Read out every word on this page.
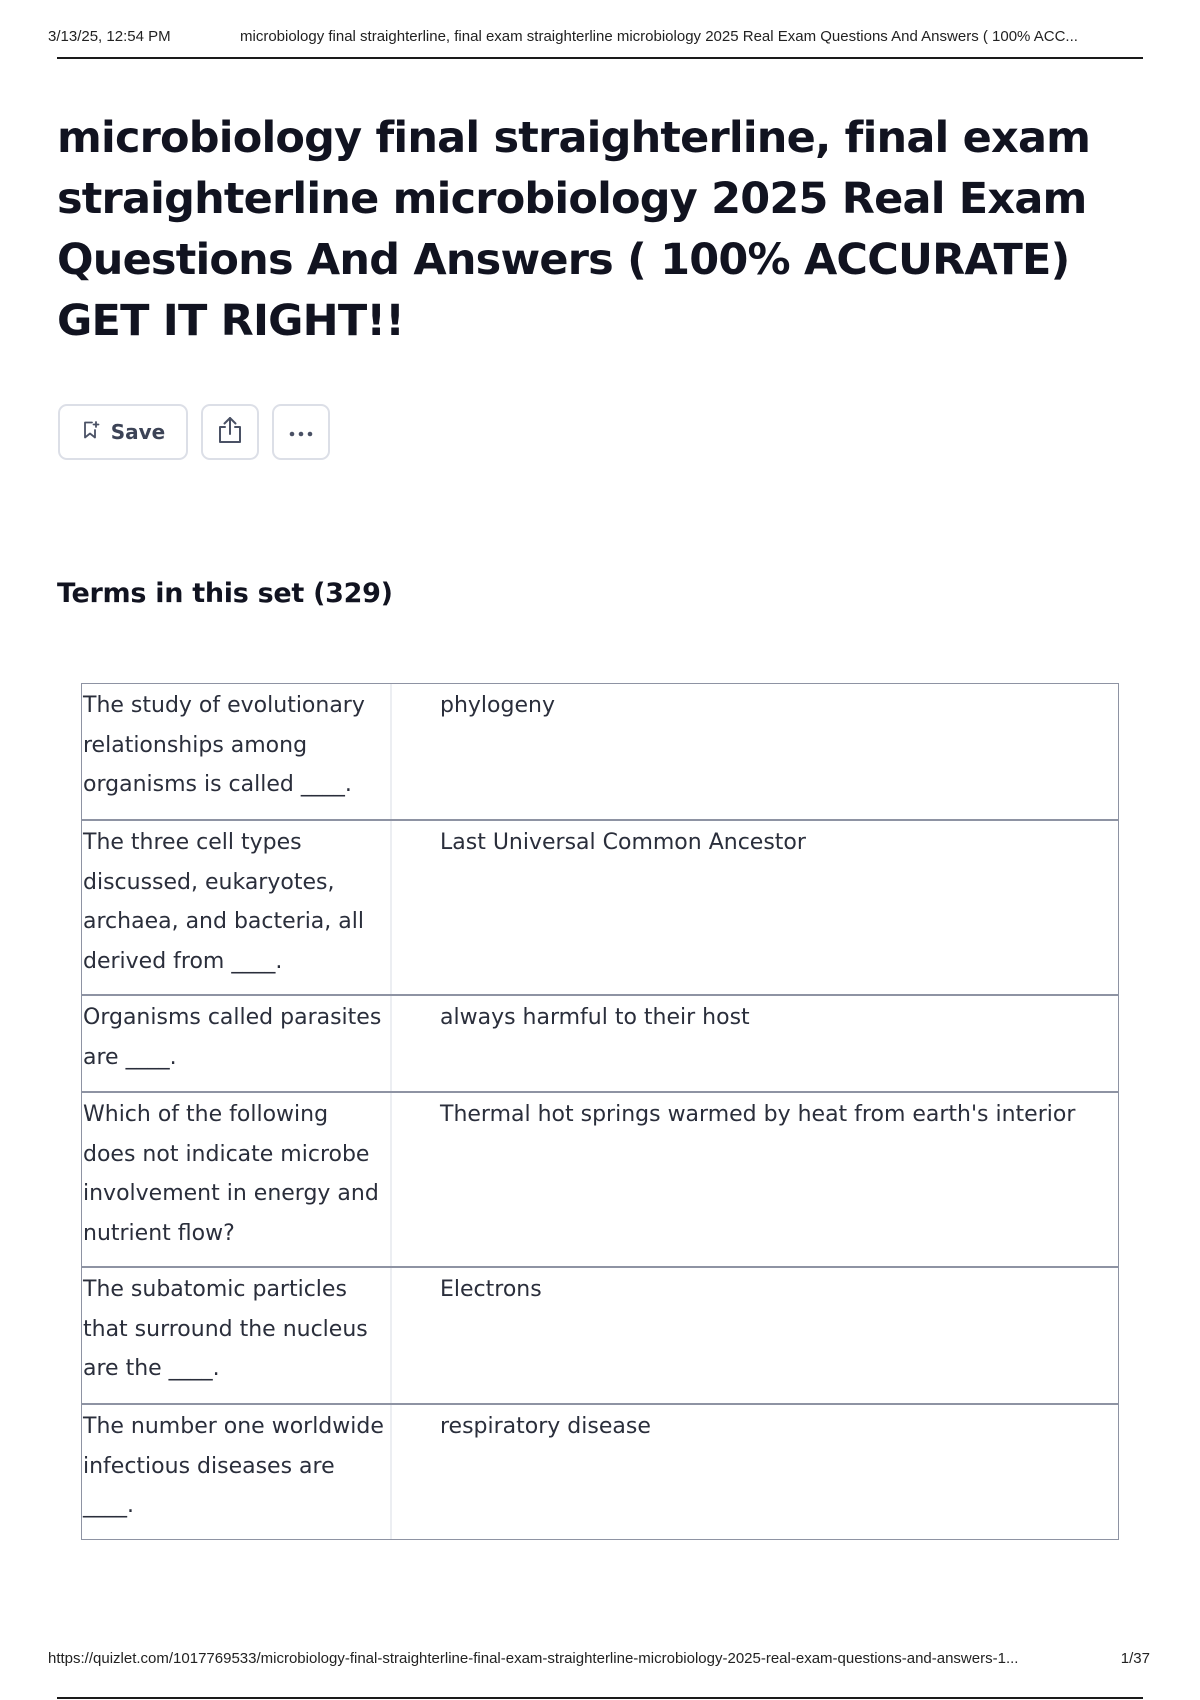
3/13/25, 12:54 PM	microbiology final straighterline, final exam straighterline microbiology 2025 Real Exam Questions And Answers ( 100% ACC...
microbiology final straighterline, final exam straighterline microbiology 2025 Real Exam Questions And Answers ( 100% ACCURATE) GET IT RIGHT!!
Save
Terms in this set (329)
The study of evolutionary relationships among organisms is called ____.
phylogeny
The three cell types discussed, eukaryotes, archaea, and bacteria, all derived from ____.
Last Universal Common Ancestor
Organisms called parasites are ____.
always harmful to their host
Which of the following does not indicate microbe involvement in energy and nutrient flow?
Thermal hot springs warmed by heat from earth's interior
The subatomic particles that surround the nucleus are the ____.
Electrons
The number one worldwide infectious diseases are ____.
respiratory disease
https://quizlet.com/1017769533/microbiology-final-straighterline-final-exam-straighterline-microbiology-2025-real-exam-questions-and-answers-1...	1/37
